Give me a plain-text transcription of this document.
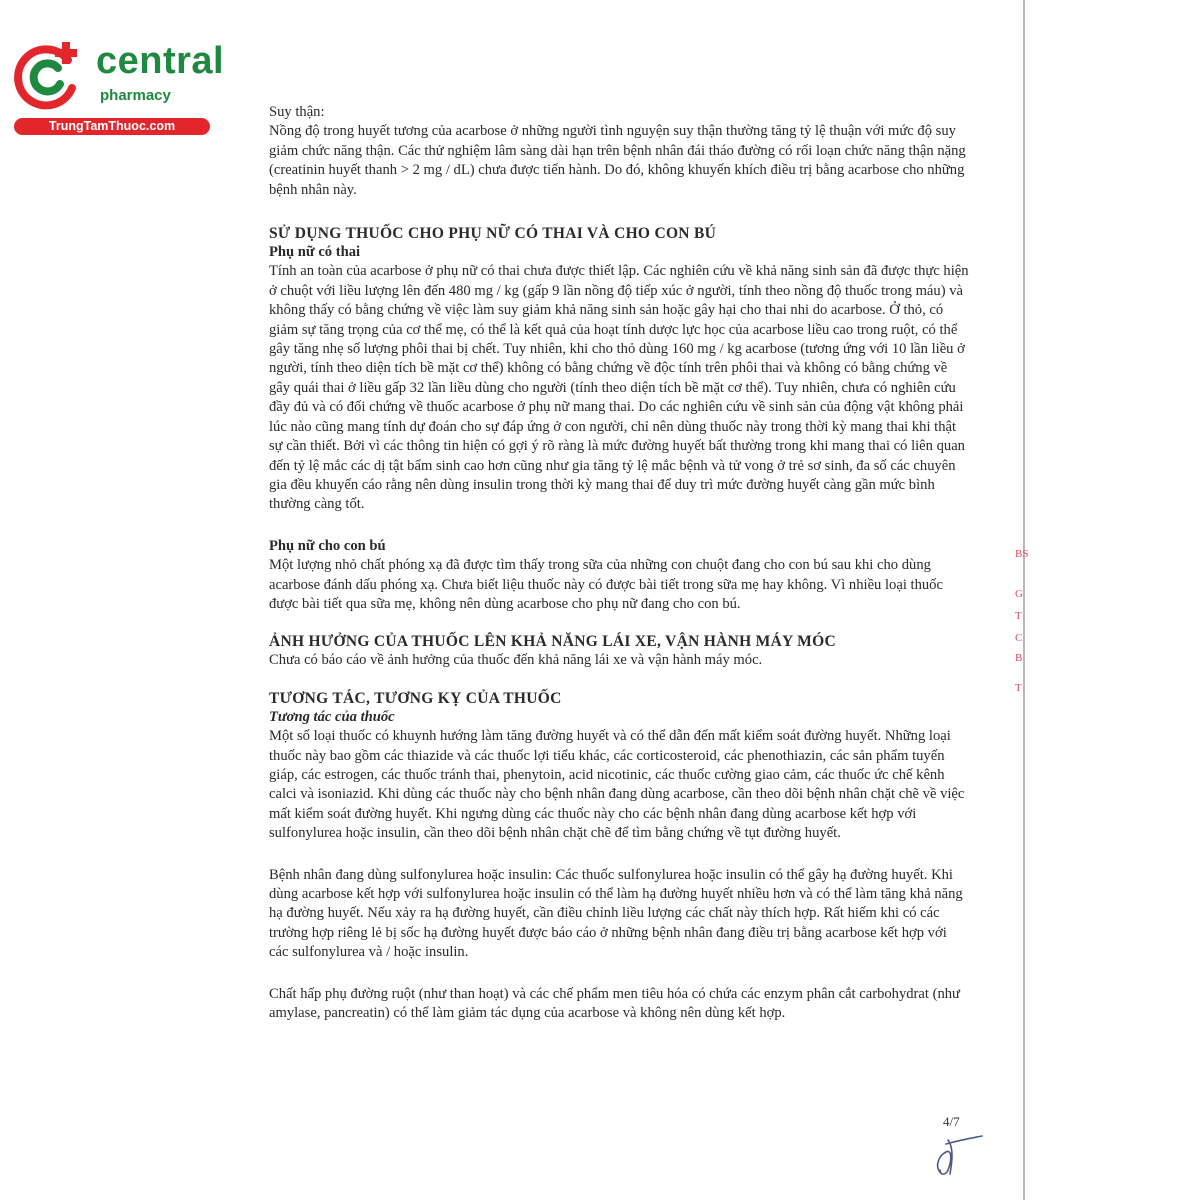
central
pharmacy
TrungTamThuoc.com

Suy thận:

Nồng độ trong huyết tương của acarbose ở những người tình nguyện suy thận thường tăng tỷ lệ thuận với mức độ suy giảm chức năng thận. Các thử nghiệm lâm sàng dài hạn trên bệnh nhân đái tháo đường có rối loạn chức năng thận nặng (creatinin huyết thanh > 2 mg / dL) chưa được tiến hành. Do đó, không khuyến khích điều trị bằng acarbose cho những bệnh nhân này.

SỬ DỤNG THUỐC CHO PHỤ NỮ CÓ THAI VÀ CHO CON BÚ
Phụ nữ có thai

Tính an toàn của acarbose ở phụ nữ có thai chưa được thiết lập. Các nghiên cứu về khả năng sinh sản đã được thực hiện ở chuột với liều lượng lên đến 480 mg / kg (gấp 9 lần nồng độ tiếp xúc ở người, tính theo nồng độ thuốc trong máu) và

không thấy có bằng chứng về việc làm suy giảm khả năng sinh sản hoặc gây hại cho thai nhi do acarbose. Ở thỏ, có giảm sự tăng trọng của cơ thể mẹ, có thể là kết quả của hoạt tính dược lực học của acarbose liều cao trong ruột, có thể gây tăng nhẹ số lượng phôi thai bị chết. Tuy nhiên, khi cho thỏ dùng 160 mg / kg acarbose (tương ứng với 10 lần liều ở người, tính theo diện tích bề mặt cơ thể) không có bằng chứng về độc tính trên phôi thai và không có bằng chứng về gây quái thai ở liều gấp 32 lần liều dùng cho người (tính theo diện tích bề mặt cơ thể). Tuy nhiên, chưa có nghiên cứu đầy đủ và có đối chứng về thuốc acarbose ở phụ nữ mang thai. Do các nghiên cứu về sinh sản của động vật không phải lúc nào cũng mang tính dự đoán cho sự đáp ứng ở con người, chỉ nên dùng thuốc này trong thời kỳ mang thai khi thật sự cần thiết. Bởi vì các thông tin hiện có gợi ý rõ ràng là mức đường huyết bất thường trong khi mang thai có liên quan đến tỷ lệ mắc các dị tật bẩm sinh cao hơn cũng như gia tăng tỷ lệ mắc bệnh và tử vong ở trẻ sơ sinh, đa số các chuyên gia đều khuyến cáo rằng nên dùng insulin trong thời kỳ mang thai để duy trì mức đường huyết càng gần mức bình thường càng tốt.

Phụ nữ cho con bú

Một lượng nhỏ chất phóng xạ đã được tìm thấy trong sữa của những con chuột đang cho con bú sau khi cho dùng acarbose đánh dấu phóng xạ. Chưa biết liệu thuốc này có được bài tiết trong sữa mẹ hay không. Vì nhiều loại thuốc được bài tiết qua sữa mẹ, không nên dùng acarbose cho phụ nữ đang cho con bú.

ẢNH HƯỞNG CỦA THUỐC LÊN KHẢ NĂNG LÁI XE, VẬN HÀNH MÁY MÓC

Chưa có báo cáo về ảnh hưởng của thuốc đến khả năng lái xe và vận hành máy móc.

TƯƠNG TÁC, TƯƠNG KỴ CỦA THUỐC
Tương tác của thuốc

Một số loại thuốc có khuynh hướng làm tăng đường huyết và có thể dẫn đến mất kiểm soát đường huyết. Những loại thuốc này bao gồm các thiazide và các thuốc lợi tiểu khác, các corticosteroid, các phenothiazin, các sản phẩm tuyến giáp, các estrogen, các thuốc tránh thai, phenytoin, acid nicotinic, các thuốc cường giao cảm, các thuốc ức chế kênh calci và isoniazid. Khi dùng các thuốc này cho bệnh nhân đang dùng acarbose, cần theo dõi bệnh nhân chặt chẽ về việc mất kiểm soát đường huyết. Khi ngưng dùng các thuốc này cho các bệnh nhân đang dùng acarbose kết hợp với sulfonylurea hoặc insulin, cần theo dõi bệnh nhân chặt chẽ để tìm bằng chứng về tụt đường huyết.

Bệnh nhân đang dùng sulfonylurea hoặc insulin: Các thuốc sulfonylurea hoặc insulin có thể gây hạ đường huyết. Khi dùng acarbose kết hợp với sulfonylurea hoặc insulin có thể làm hạ đường huyết nhiều hơn và có thể làm tăng khả năng hạ đường huyết. Nếu xảy ra hạ đường huyết, cần điều chỉnh liều lượng các chất này thích hợp. Rất hiếm khi có các trường hợp riêng lẻ bị sốc hạ đường huyết được báo cáo ở những bệnh nhân đang điều trị bằng acarbose kết hợp với các sulfonylurea và / hoặc insulin.

Chất hấp phụ đường ruột (như than hoạt) và các chế phẩm men tiêu hóa có chứa các enzym phân cắt carbohydrat (như amylase, pancreatin) có thể làm giảm tác dụng của acarbose và không nên dùng kết hợp.

4/7
BS
G
T
C
B
T
